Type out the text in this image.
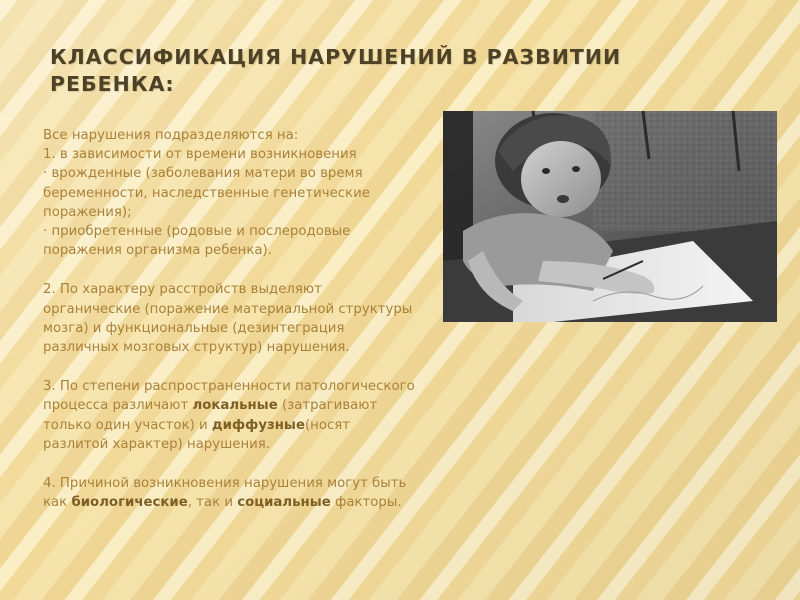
КЛАССИФИКАЦИЯ НАРУШЕНИЙ В РАЗВИТИИ
РЕБЕНКА:

Все нарушения подразделяются на:

1. в зависимости от времени возникновения

· врожденные (заболевания матери во время

беременности, наследственные генетические

поражения);

· приобретенные (родовые и послеродовые

поражения организма ребенка).

2. По характеру расстройств выделяют

органические (поражение материальной структуры

мозга) и функциональные (дезинтеграция

различных мозговых структур) нарушения.

3. По степени распространенности патологического

процесса различают локальные (затрагивают

только один участок) и диффузные(носят

разлитой характер) нарушения.

4. Причиной возникновения нарушения могут быть

как биологические, так и социальные факторы.
